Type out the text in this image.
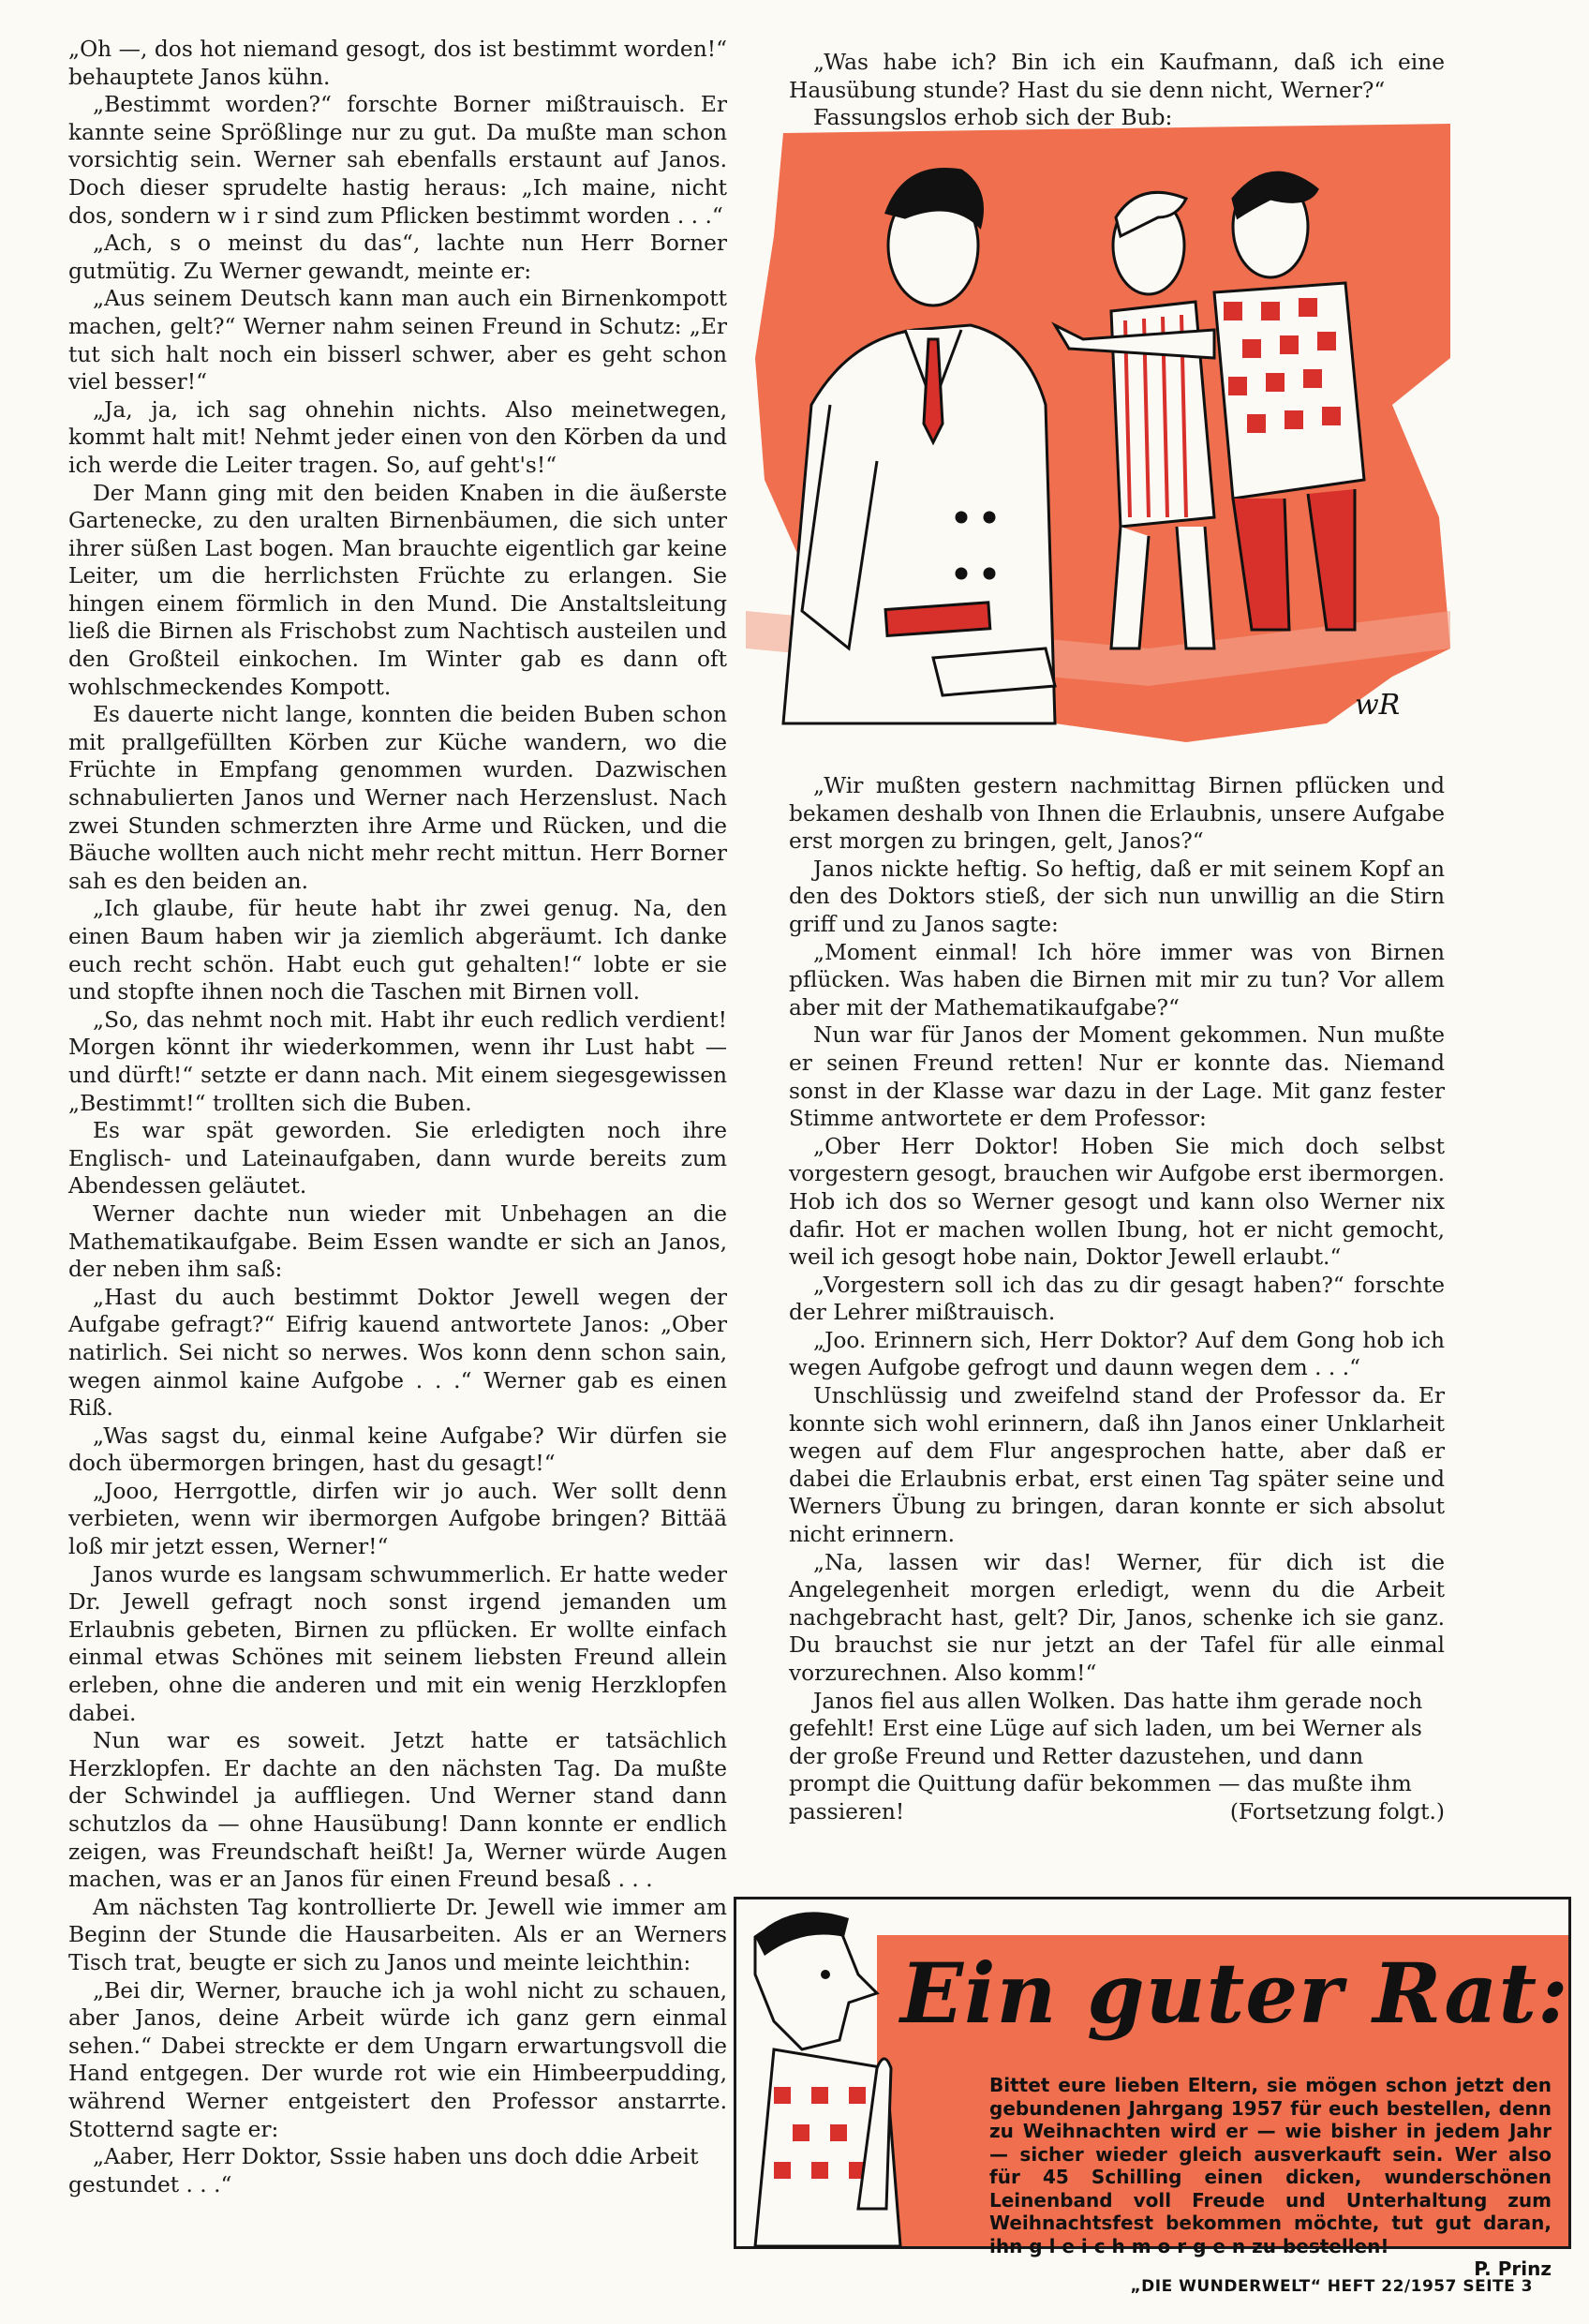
„Oh —, dos hot niemand gesogt, dos ist bestimmt worden!“ behauptete Janos kühn.

„Bestimmt worden?“ forschte Borner mißtrauisch. Er kannte seine Sprößlinge nur zu gut. Da mußte man schon vorsichtig sein. Werner sah ebenfalls erstaunt auf Janos. Doch dieser sprudelte hastig heraus: „Ich maine, nicht dos, sondern w i r sind zum Pflicken bestimmt worden . . .“

„Ach, s o meinst du das“, lachte nun Herr Borner gutmütig. Zu Werner gewandt, meinte er:

„Aus seinem Deutsch kann man auch ein Birnenkompott machen, gelt?“ Werner nahm seinen Freund in Schutz: „Er tut sich halt noch ein bisserl schwer, aber es geht schon viel besser!“

„Ja, ja, ich sag ohnehin nichts. Also meinetwegen, kommt halt mit! Nehmt jeder einen von den Körben da und ich werde die Leiter tragen. So, auf geht's!“

Der Mann ging mit den beiden Knaben in die äußerste Gartenecke, zu den uralten Birnenbäumen, die sich unter ihrer süßen Last bogen. Man brauchte eigentlich gar keine Leiter, um die herrlichsten Früchte zu erlangen. Sie hingen einem förmlich in den Mund. Die Anstaltsleitung ließ die Birnen als Frischobst zum Nachtisch austeilen und den Großteil einkochen. Im Winter gab es dann oft wohlschmeckendes Kompott.

Es dauerte nicht lange, konnten die beiden Buben schon mit prallgefüllten Körben zur Küche wandern, wo die Früchte in Empfang genommen wurden. Dazwischen schnabulierten Janos und Werner nach Herzenslust. Nach zwei Stunden schmerzten ihre Arme und Rücken, und die Bäuche wollten auch nicht mehr recht mittun. Herr Borner sah es den beiden an.

„Ich glaube, für heute habt ihr zwei genug. Na, den einen Baum haben wir ja ziemlich abgeräumt. Ich danke euch recht schön. Habt euch gut gehalten!“ lobte er sie und stopfte ihnen noch die Taschen mit Birnen voll.

„So, das nehmt noch mit. Habt ihr euch redlich verdient! Morgen könnt ihr wiederkommen, wenn ihr Lust habt — und dürft!“ setzte er dann nach. Mit einem siegesgewissen „Bestimmt!“ trollten sich die Buben.

Es war spät geworden. Sie erledigten noch ihre Englisch- und Lateinaufgaben, dann wurde bereits zum Abendessen geläutet.

Werner dachte nun wieder mit Unbehagen an die Mathematikaufgabe. Beim Essen wandte er sich an Janos, der neben ihm saß:

„Hast du auch bestimmt Doktor Jewell wegen der Aufgabe gefragt?“ Eifrig kauend antwortete Janos: „Ober natirlich. Sei nicht so nerwes. Wos konn denn schon sain, wegen ainmol kaine Aufgobe . . .“ Werner gab es einen Riß.

„Was sagst du, einmal keine Aufgabe? Wir dürfen sie doch übermorgen bringen, hast du gesagt!“

„Jooo, Herrgottle, dirfen wir jo auch. Wer sollt denn verbieten, wenn wir ibermorgen Aufgobe bringen? Bittää loß mir jetzt essen, Werner!“

Janos wurde es langsam schwummerlich. Er hatte weder Dr. Jewell gefragt noch sonst irgend jemanden um Erlaubnis gebeten, Birnen zu pflücken. Er wollte einfach einmal etwas Schönes mit seinem liebsten Freund allein erleben, ohne die anderen und mit ein wenig Herzklopfen dabei.

Nun war es soweit. Jetzt hatte er tatsächlich Herzklopfen. Er dachte an den nächsten Tag. Da mußte der Schwindel ja auffliegen. Und Werner stand dann schutzlos da — ohne Hausübung! Dann konnte er endlich zeigen, was Freundschaft heißt! Ja, Werner würde Augen machen, was er an Janos für einen Freund besaß . . .

Am nächsten Tag kontrollierte Dr. Jewell wie immer am Beginn der Stunde die Hausarbeiten. Als er an Werners Tisch trat, beugte er sich zu Janos und meinte leichthin:

„Bei dir, Werner, brauche ich ja wohl nicht zu schauen, aber Janos, deine Arbeit würde ich ganz gern einmal sehen.“ Dabei streckte er dem Ungarn erwartungsvoll die Hand entgegen. Der wurde rot wie ein Himbeerpudding, während Werner entgeistert den Professor anstarrte. Stotternd sagte er:

„Aaber, Herr Doktor, Sssie haben uns doch ddie Arbeit gestundet . . .“

„Was habe ich? Bin ich ein Kaufmann, daß ich eine Hausübung stunde? Hast du sie denn nicht, Werner?“

Fassungslos erhob sich der Bub:

wR

„Wir mußten gestern nachmittag Birnen pflücken und bekamen deshalb von Ihnen die Erlaubnis, unsere Aufgabe erst morgen zu bringen, gelt, Janos?“

Janos nickte heftig. So heftig, daß er mit seinem Kopf an den des Doktors stieß, der sich nun unwillig an die Stirn griff und zu Janos sagte:

„Moment einmal! Ich höre immer was von Birnen pflücken. Was haben die Birnen mit mir zu tun? Vor allem aber mit der Mathematikaufgabe?“

Nun war für Janos der Moment gekommen. Nun mußte er seinen Freund retten! Nur er konnte das. Niemand sonst in der Klasse war dazu in der Lage. Mit ganz fester Stimme antwortete er dem Professor:

„Ober Herr Doktor! Hoben Sie mich doch selbst vorgestern gesogt, brauchen wir Aufgobe erst ibermorgen. Hob ich dos so Werner gesogt und kann olso Werner nix dafir. Hot er machen wollen Ibung, hot er nicht gemocht, weil ich gesogt hobe nain, Doktor Jewell erlaubt.“

„Vorgestern soll ich das zu dir gesagt haben?“ forschte der Lehrer mißtrauisch.

„Joo. Erinnern sich, Herr Doktor? Auf dem Gong hob ich wegen Aufgobe gefrogt und daunn wegen dem . . .“

Unschlüssig und zweifelnd stand der Professor da. Er konnte sich wohl erinnern, daß ihn Janos einer Unklarheit wegen auf dem Flur angesprochen hatte, aber daß er dabei die Erlaubnis erbat, erst einen Tag später seine und Werners Übung zu bringen, daran konnte er sich absolut nicht erinnern.

„Na, lassen wir das! Werner, für dich ist die Angelegenheit morgen erledigt, wenn du die Arbeit nachgebracht hast, gelt? Dir, Janos, schenke ich sie ganz. Du brauchst sie nur jetzt an der Tafel für alle einmal vorzurechnen. Also komm!“

Janos fiel aus allen Wolken. Das hatte ihm gerade noch gefehlt! Erst eine Lüge auf sich laden, um bei Werner als der große Freund und Retter dazustehen, und dann prompt die Quittung dafür bekommen — das mußte ihm passieren!	(Fortsetzung folgt.)

Ein guter Rat:
Bittet eure lieben Eltern, sie mögen schon jetzt den gebundenen Jahrgang 1957 für euch bestellen, denn zu Weihnachten wird er — wie bisher in jedem Jahr — sicher wieder gleich ausverkauft sein. Wer also für 45 Schilling einen dicken, wunderschönen Leinenband voll Freude und Unterhaltung zum Weihnachtsfest bekommen möchte, tut gut daran, ihn g l e i c h m o r g e n zu bestellen!
P. Prinz
„DIE WUNDERWELT“ HEFT 22/1957 SEITE 3
